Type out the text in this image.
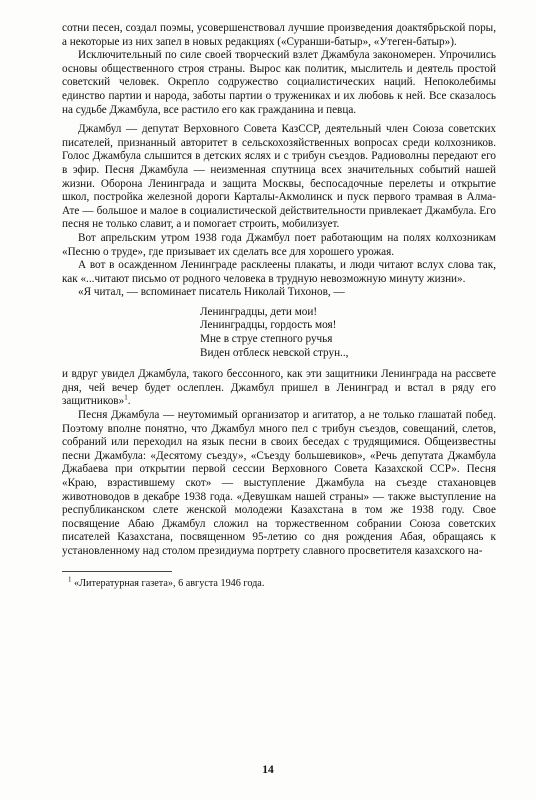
сотни песен, создал поэмы, усовершенствовал лучшие произведения доактябрьской поры, а некоторые из них запел в новых редакциях («Суранши-батыр», «Утеген-батыр»).

Исключительный по силе своей творческий взлет Джамбула закономерен. Упрочились основы общественного строя страны. Вырос как политик, мыслитель и деятель простой советский человек. Окрепло содружество социалистических наций. Непоколебимы единство партии и народа, заботы партии о тружениках и их любовь к ней. Все сказалось на судьбе Джамбула, все растило его как гражданина и певца.

Джамбул — депутат Верховного Совета КазССР, деятельный член Союза советских писателей, признанный авторитет в сельскохозяйственных вопросах среди колхозников. Голос Джамбула слышится в детских яслях и с трибун съездов. Радиоволны передают его в эфир. Песня Джамбула — неизменная спутница всех значительных событий нашей жизни. Оборона Ленинграда и защита Москвы, беспосадочные перелеты и открытие школ, постройка железной дороги Карталы-Акмолинск и пуск первого трамвая в Алма-Ате — большое и малое в социалистической действительности привлекает Джамбула. Его песня не только славит, а и помогает строить, мобилизует.

Вот апрельским утром 1938 года Джамбул поет работающим на полях колхозникам «Песню о труде», где призывает их сделать все для хорошего урожая.

А вот в осажденном Ленинграде расклеены плакаты, и люди читают вслух слова так, как «...читают письмо от родного человека в трудную невозможную минуту жизни».

«Я читал, — вспоминает писатель Николай Тихонов, —

Ленинградцы, дети мои!
Ленинградцы, гордость моя!
Мне в струе степного ручья
Виден отблеск невской струн..,

и вдруг увидел Джамбула, такого бессонного, как эти защитники Ленинграда на рассвете дня, чей вечер будет ослеплен. Джамбул пришел в Ленинград и встал в ряду его защитников»$^1$.

Песня Джамбула — неутомимый организатор и агитатор, а не только глашатай побед. Поэтому вполне понятно, что Джамбул много пел с трибун съездов, совещаний, слетов, собраний или переходил на язык песни в своих беседах с трудящимися. Общеизвестны песни Джамбула: «Десятому съезду», «Съезду большевиков», «Речь депутата Джамбула Джабаева при открытии первой сессии Верховного Совета Казахской ССР». Песня «Краю, взрастившему скот» — выступление Джамбула на съезде стахановцев животноводов в декабре 1938 года. «Девушкам нашей страны» — также выступление на республиканском слете женской молодежи Казахстана в том же 1938 году. Свое посвящение Абаю Джамбул сложил на торжественном собрании Союза советских писателей Казахстана, посвященном 95-летию со дня рождения Абая, обращаясь к установленному над столом президиума портрету славного просветителя казахского на-

$^1$ «Литературная газета», 6 августа 1946 года.
14
